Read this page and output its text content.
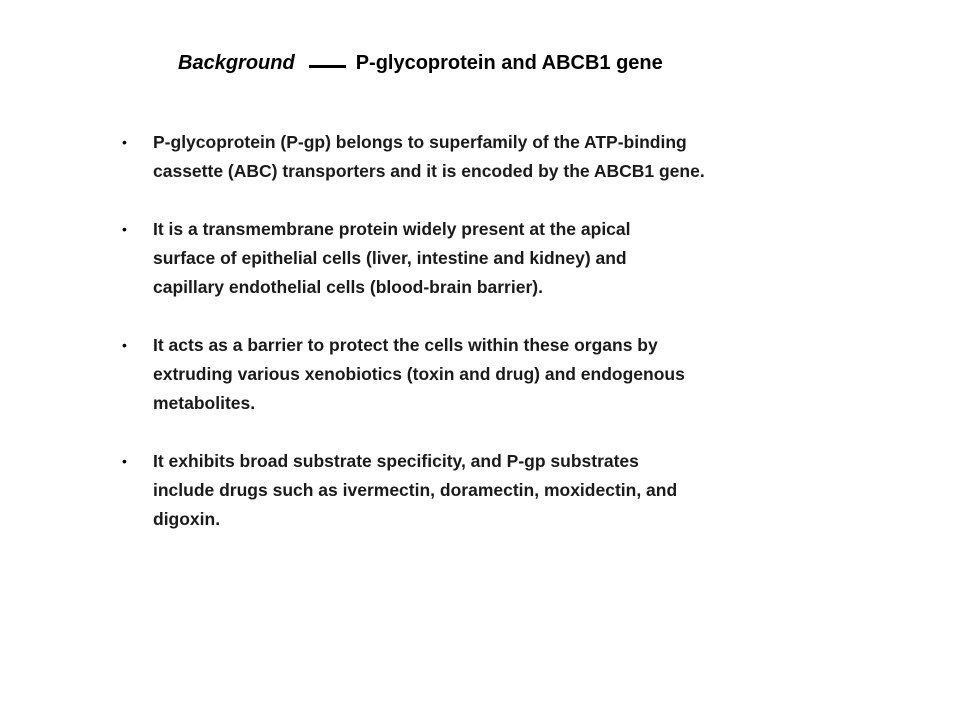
Background	P-glycoprotein and ABCB1 gene
• P-glycoprotein (P-gp) belongs to superfamily of the ATP-binding
cassette (ABC) transporters and it is encoded by the ABCB1 gene.
• It is a transmembrane protein widely present at the apical
surface of epithelial cells (liver, intestine and kidney) and
capillary endothelial cells (blood-brain barrier).
• It acts as a barrier to protect the cells within these organs by
extruding various xenobiotics (toxin and drug) and endogenous
metabolites.
• It exhibits broad substrate specificity, and P-gp substrates
include drugs such as ivermectin, doramectin, moxidectin, and
digoxin.
